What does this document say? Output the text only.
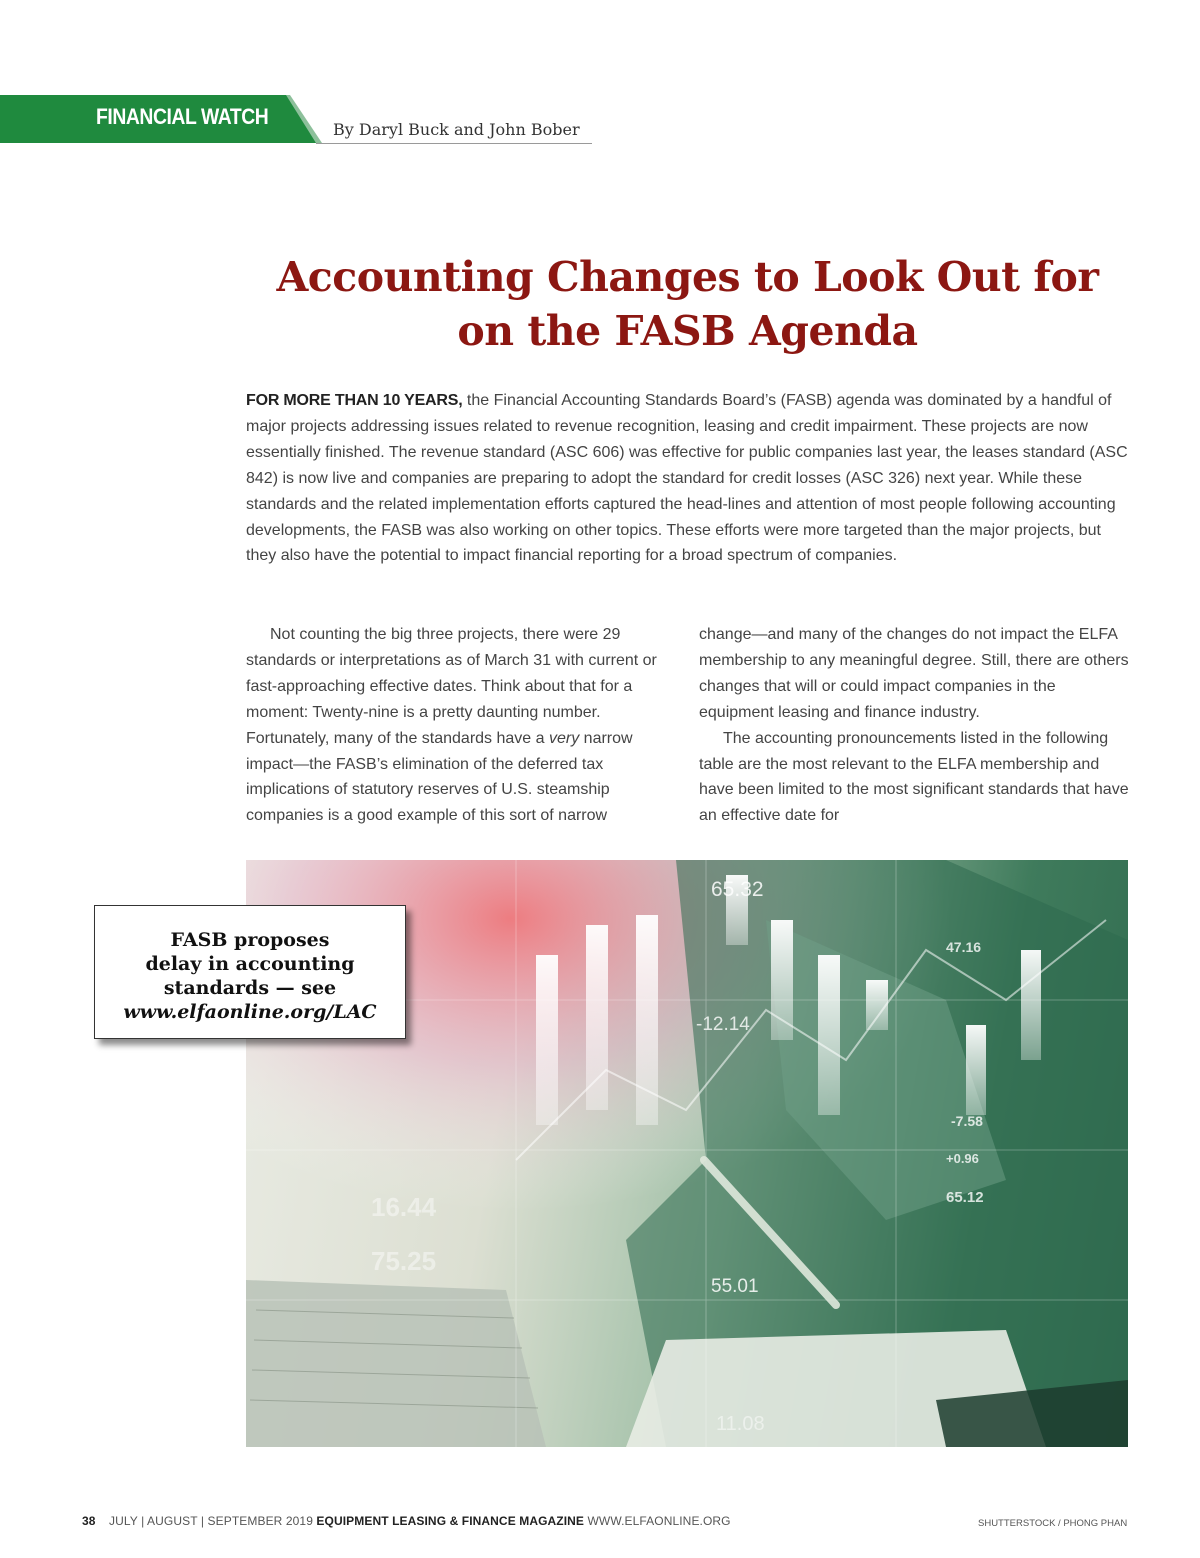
FINANCIAL WATCH
By Daryl Buck and John Bober
Accounting Changes to Look Out for
on the FASB Agenda

FOR MORE THAN 10 YEARS, the Financial Accounting Standards Board’s (FASB) agenda was dominated by a handful of major projects addressing issues related to revenue recognition, leasing and credit impairment. These projects are now essentially finished. The revenue standard (ASC 606) was effective for public companies last year, the leases standard (ASC 842) is now live and companies are preparing to adopt the standard for credit losses (ASC 326) next year. While these standards and the related implementation efforts captured the head-lines and attention of most people following accounting developments, the FASB was also working on other topics. These efforts were more targeted than the major projects, but they also have the potential to impact financial reporting for a broad spectrum of companies.

Not counting the big three projects, there were 29 standards or interpretations as of March 31 with current or fast-approaching effective dates. Think about that for a moment: Twenty-nine is a pretty daunting number. Fortunately, many of the standards have a very narrow impact—the FASB’s elimination of the deferred tax implications of statutory reserves of U.S. steamship companies is a good example of this sort of narrow

change—and many of the changes do not impact the ELFA membership to any meaningful degree. Still, there are others changes that will or could impact companies in the equipment leasing and finance industry.

The accounting pronouncements listed in the following table are the most relevant to the ELFA membership and have been limited to the most significant standards that have an effective date for

65.32
47.16
-12.14
-7.58
+0.96
65.12
16.44
75.25
55.01
11.08
FASB proposes
delay in accounting
standards — see
www.elfaonline.org/LAC
38 JULY | AUGUST | SEPTEMBER 2019 EQUIPMENT LEASING & FINANCE MAGAZINE WWW.ELFAONLINE.ORG	SHUTTERSTOCK / PHONG PHAN
